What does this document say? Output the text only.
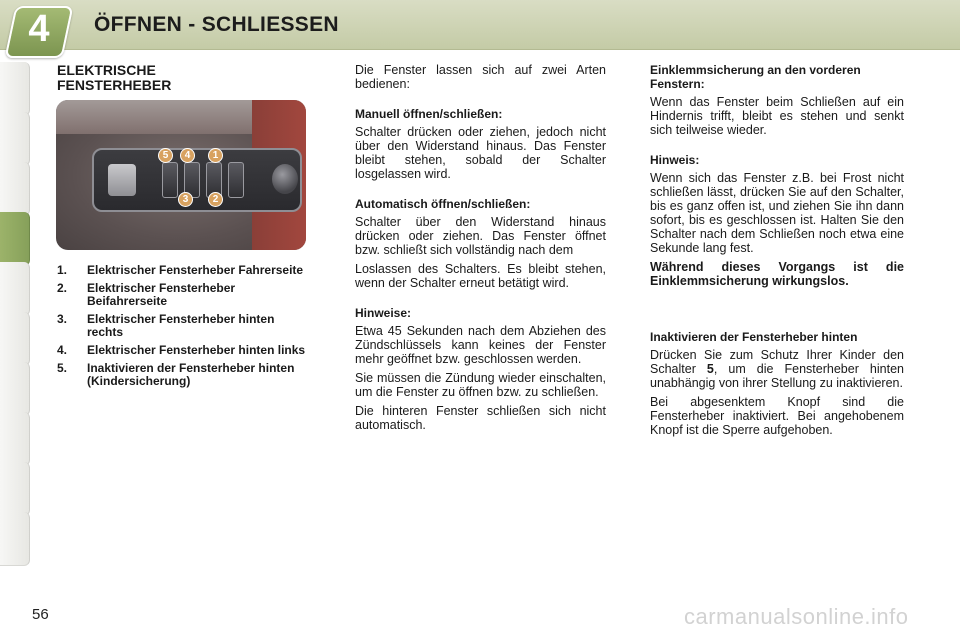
4 ÖFFNEN - SCHLIESSEN
ELEKTRISCHE FENSTERHEBER
5	4	1
3	2
1. Elektrischer Fensterheber Fahrerseite
2. Elektrischer Fensterheber Beifahrerseite
3. Elektrischer Fensterheber hinten rechts
4. Elektrischer Fensterheber hinten links
5. Inaktivieren der Fensterheber hinten (Kindersicherung)

Die Fenster lassen sich auf zwei Arten bedienen:

Manuell öffnen/schließen:

Schalter drücken oder ziehen, jedoch nicht über den Widerstand hinaus. Das Fenster bleibt stehen, sobald der Schalter losgelassen wird.

Automatisch öffnen/schließen:

Schalter über den Widerstand hinaus drücken oder ziehen. Das Fenster öffnet bzw. schließt sich vollständig nach dem

Loslassen des Schalters. Es bleibt stehen, wenn der Schalter erneut betätigt wird.

Hinweise:

Etwa 45 Sekunden nach dem Abziehen des Zündschlüssels kann keines der Fenster mehr geöffnet bzw. geschlossen werden.

Sie müssen die Zündung wieder einschalten, um die Fenster zu öffnen bzw. zu schließen.

Die hinteren Fenster schließen sich nicht automatisch.

Einklemmsicherung an den vorderen Fenstern:

Wenn das Fenster beim Schließen auf ein Hindernis trifft, bleibt es stehen und senkt sich teilweise wieder.

Hinweis:

Wenn sich das Fenster z.B. bei Frost nicht schließen lässt, drücken Sie auf den Schalter, bis es ganz offen ist, und ziehen Sie ihn dann sofort, bis es geschlossen ist. Halten Sie den Schalter nach dem Schließen noch etwa eine Sekunde lang fest.

Während dieses Vorgangs ist die Einklemmsicherung wirkungslos.

Inaktivieren der Fensterheber hinten

Drücken Sie zum Schutz Ihrer Kinder den Schalter 5, um die Fensterheber hinten unabhängig von ihrer Stellung zu inaktivieren.

Bei abgesenktem Knopf sind die Fensterheber inaktiviert. Bei angehobenem Knopf ist die Sperre aufgehoben.

56	carmanualsonline.info
